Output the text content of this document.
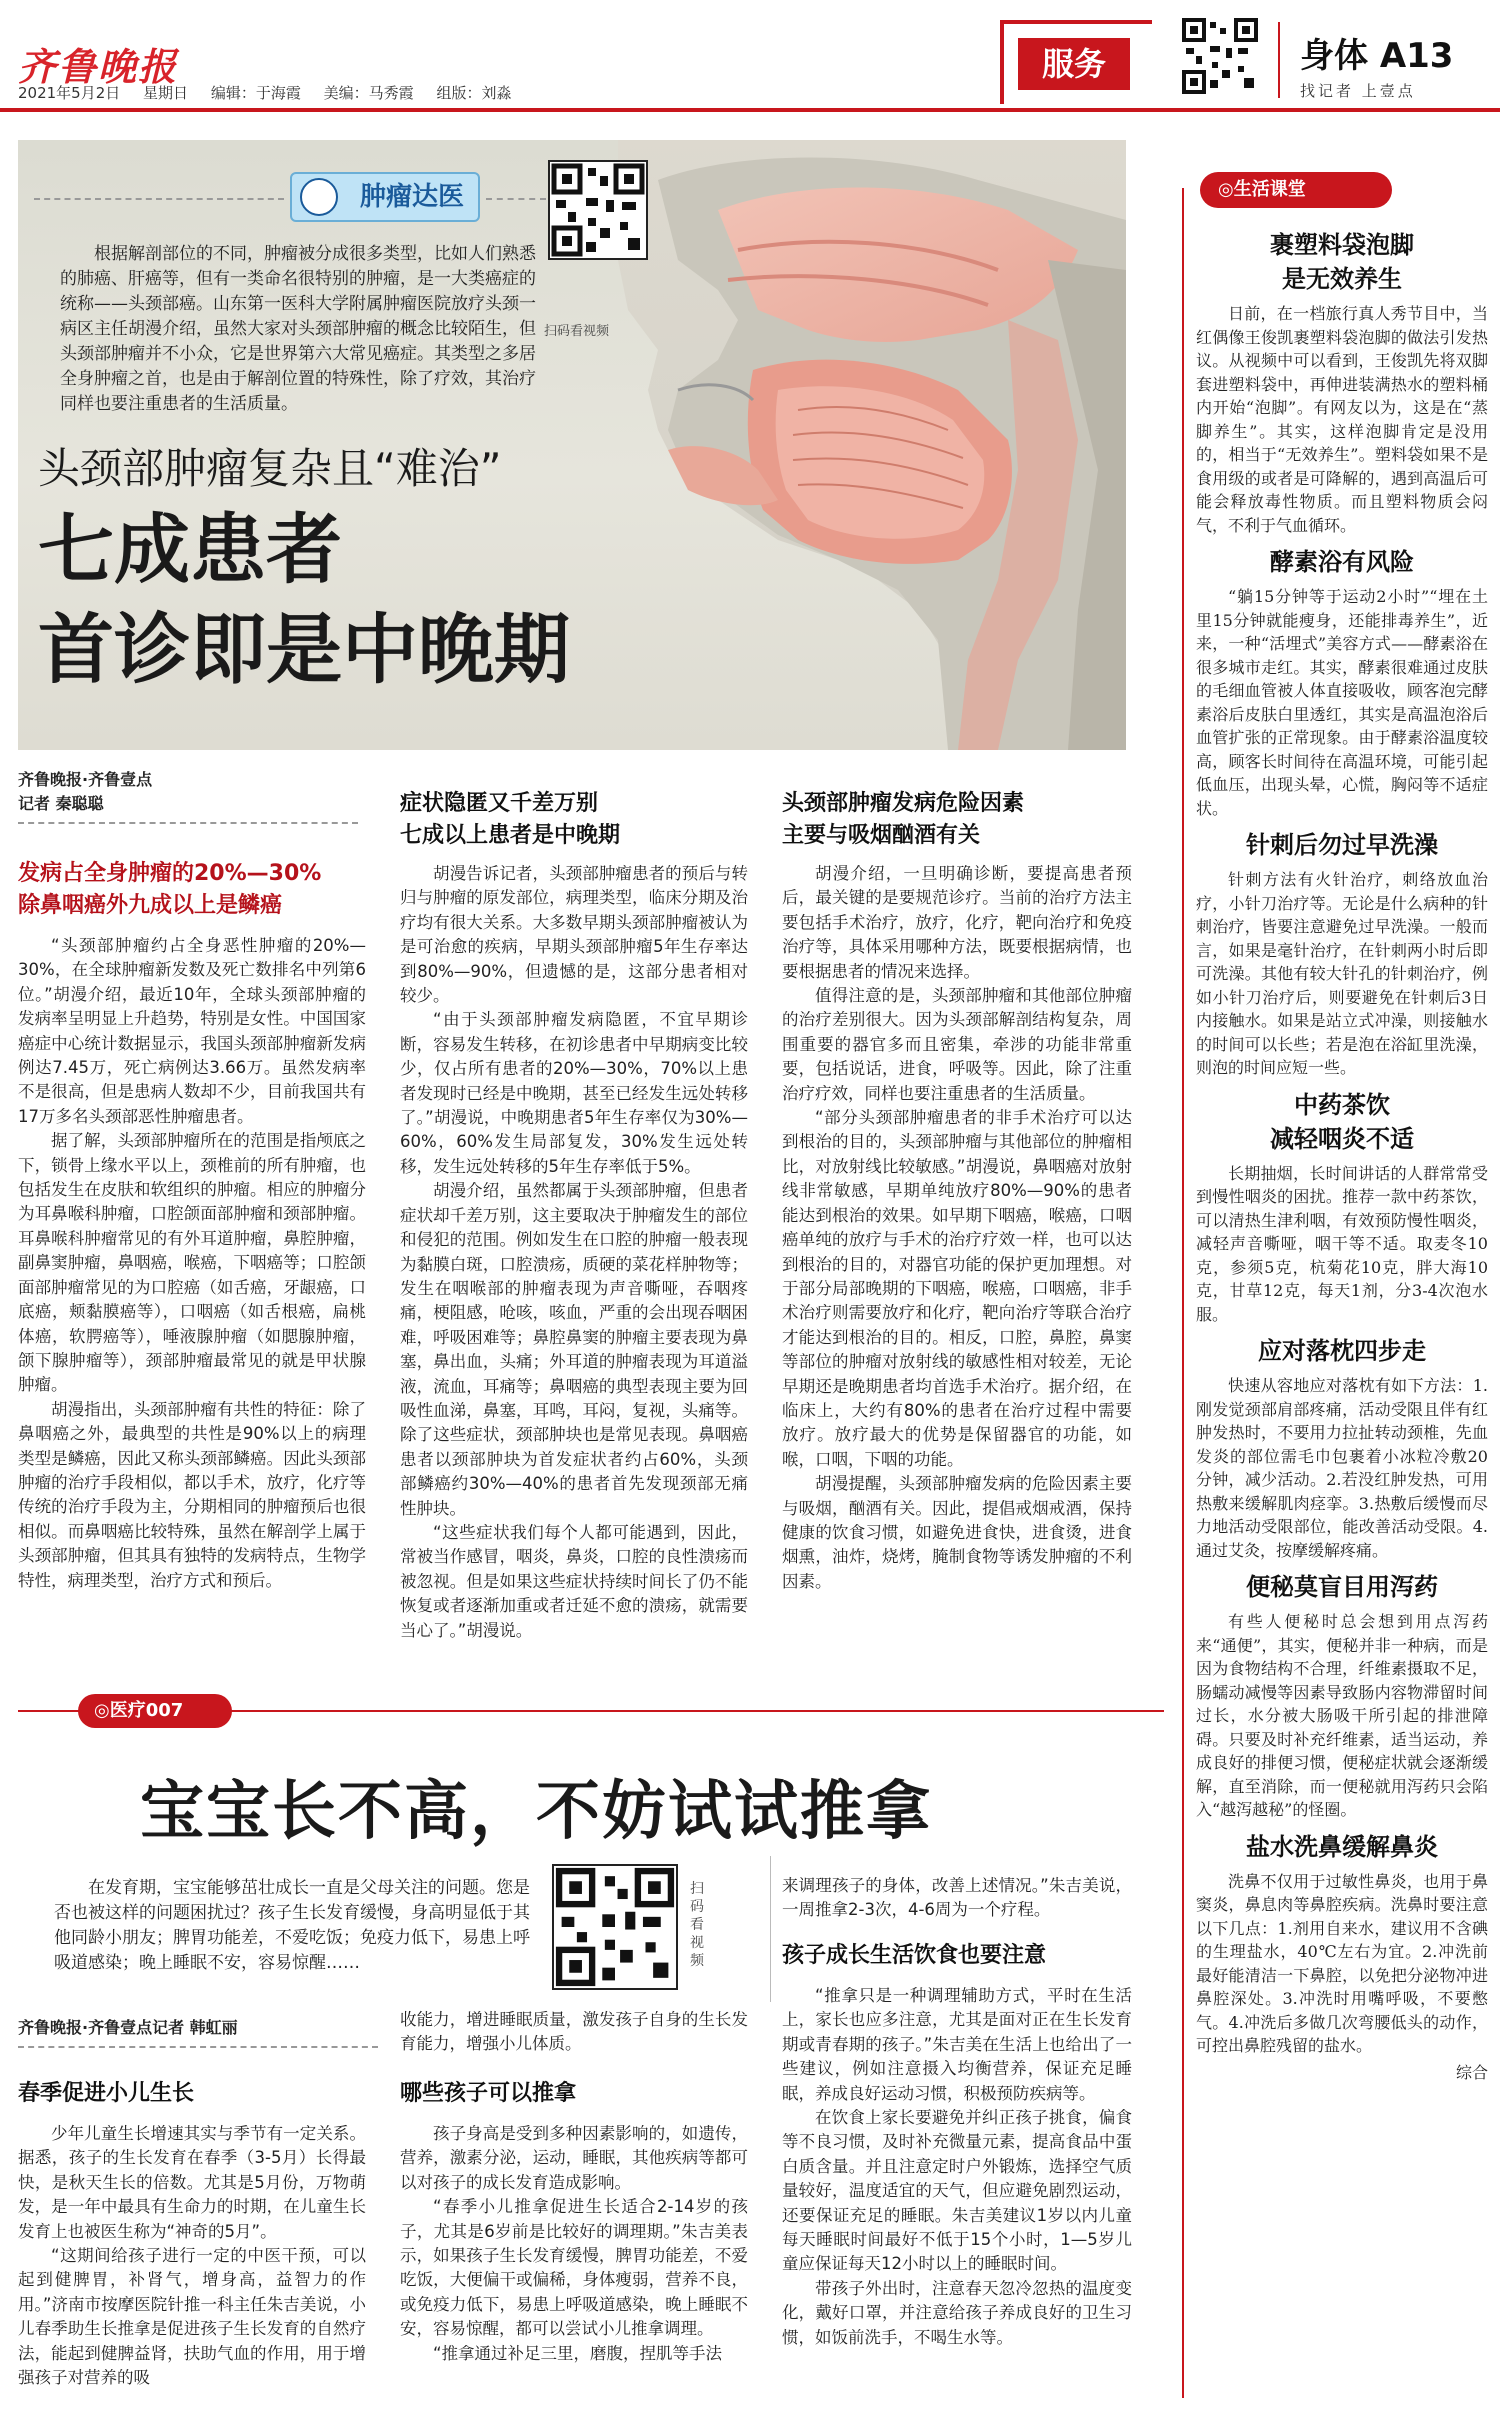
齐鲁晚报
2021年5月2日 星期日 编辑：于海霞 美编：马秀霞 组版：刘淼
服务	身体 A13
找记者 上壹点
肿瘤达医
扫码看视频
根据解剖部位的不同，肿瘤被分成很多类型，比如人们熟悉的肺癌、肝癌等，但有一类命名很特别的肿瘤，是一大类癌症的统称——头颈部癌。山东第一医科大学附属肿瘤医院放疗头颈一病区主任胡漫介绍，虽然大家对头颈部肿瘤的概念比较陌生，但头颈部肿瘤并不小众，它是世界第六大常见癌症。其类型之多居全身肿瘤之首，也是由于解剖位置的特殊性，除了疗效，其治疗同样也要注重患者的生活质量。
头颈部肿瘤复杂且“难治”
七成患者
首诊即是中晚期
齐鲁晚报·齐鲁壹点
记者 秦聪聪
发病占全身肿瘤的20%—30%
除鼻咽癌外九成以上是鳞癌

“头颈部肿瘤约占全身恶性肿瘤的20%—30%，在全球肿瘤新发数及死亡数排名中列第6位。”胡漫介绍，最近10年，全球头颈部肿瘤的发病率呈明显上升趋势，特别是女性。中国国家癌症中心统计数据显示，我国头颈部肿瘤新发病例达7.45万，死亡病例达3.66万。虽然发病率不是很高，但是患病人数却不少，目前我国共有17万多名头颈部恶性肿瘤患者。

据了解，头颈部肿瘤所在的范围是指颅底之下，锁骨上缘水平以上，颈椎前的所有肿瘤，也包括发生在皮肤和软组织的肿瘤。相应的肿瘤分为耳鼻喉科肿瘤，口腔颌面部肿瘤和颈部肿瘤。耳鼻喉科肿瘤常见的有外耳道肿瘤，鼻腔肿瘤，副鼻窦肿瘤，鼻咽癌，喉癌，下咽癌等；口腔颌面部肿瘤常见的为口腔癌（如舌癌，牙龈癌，口底癌，颊黏膜癌等），口咽癌（如舌根癌，扁桃体癌，软腭癌等），唾液腺肿瘤（如腮腺肿瘤，颌下腺肿瘤等），颈部肿瘤最常见的就是甲状腺肿瘤。

胡漫指出，头颈部肿瘤有共性的特征：除了鼻咽癌之外，最典型的共性是90%以上的病理类型是鳞癌，因此又称头颈部鳞癌。因此头颈部肿瘤的治疗手段相似，都以手术，放疗，化疗等传统的治疗手段为主，分期相同的肿瘤预后也很相似。而鼻咽癌比较特殊，虽然在解剖学上属于头颈部肿瘤，但其具有独特的发病特点，生物学特性，病理类型，治疗方式和预后。

症状隐匿又千差万别
七成以上患者是中晚期

胡漫告诉记者，头颈部肿瘤患者的预后与转归与肿瘤的原发部位，病理类型，临床分期及治疗均有很大关系。大多数早期头颈部肿瘤被认为是可治愈的疾病，早期头颈部肿瘤5年生存率达到80%—90%，但遗憾的是，这部分患者相对较少。

“由于头颈部肿瘤发病隐匿，不宜早期诊断，容易发生转移，在初诊患者中早期病变比较少，仅占所有患者的20%—30%，70%以上患者发现时已经是中晚期，甚至已经发生远处转移了。”胡漫说，中晚期患者5年生存率仅为30%—60%，60%发生局部复发，30%发生远处转移，发生远处转移的5年生存率低于5%。

胡漫介绍，虽然都属于头颈部肿瘤，但患者症状却千差万别，这主要取决于肿瘤发生的部位和侵犯的范围。例如发生在口腔的肿瘤一般表现为黏膜白斑，口腔溃疡，质硬的菜花样肿物等；发生在咽喉部的肿瘤表现为声音嘶哑，吞咽疼痛，梗阻感，呛咳，咳血，严重的会出现吞咽困难，呼吸困难等；鼻腔鼻窦的肿瘤主要表现为鼻塞，鼻出血，头痛；外耳道的肿瘤表现为耳道溢液，流血，耳痛等；鼻咽癌的典型表现主要为回吸性血涕，鼻塞，耳鸣，耳闷，复视，头痛等。除了这些症状，颈部肿块也是常见表现。鼻咽癌患者以颈部肿块为首发症状者约占60%，头颈部鳞癌约30%—40%的患者首先发现颈部无痛性肿块。

“这些症状我们每个人都可能遇到，因此，常被当作感冒，咽炎，鼻炎，口腔的良性溃疡而被忽视。但是如果这些症状持续时间长了仍不能恢复或者逐渐加重或者迁延不愈的溃疡，就需要当心了。”胡漫说。

头颈部肿瘤发病危险因素
主要与吸烟酗酒有关

胡漫介绍，一旦明确诊断，要提高患者预后，最关键的是要规范诊疗。当前的治疗方法主要包括手术治疗，放疗，化疗，靶向治疗和免疫治疗等，具体采用哪种方法，既要根据病情，也要根据患者的情况来选择。

值得注意的是，头颈部肿瘤和其他部位肿瘤的治疗差别很大。因为头颈部解剖结构复杂，周围重要的器官多而且密集，牵涉的功能非常重要，包括说话，进食，呼吸等。因此，除了注重治疗疗效，同样也要注重患者的生活质量。

“部分头颈部肿瘤患者的非手术治疗可以达到根治的目的，头颈部肿瘤与其他部位的肿瘤相比，对放射线比较敏感。”胡漫说，鼻咽癌对放射线非常敏感，早期单纯放疗80%—90%的患者能达到根治的效果。如早期下咽癌，喉癌，口咽癌单纯的放疗与手术的治疗疗效一样，也可以达到根治的目的，对器官功能的保护更加理想。对于部分局部晚期的下咽癌，喉癌，口咽癌，非手术治疗则需要放疗和化疗，靶向治疗等联合治疗才能达到根治的目的。相反，口腔，鼻腔，鼻窦等部位的肿瘤对放射线的敏感性相对较差，无论早期还是晚期患者均首选手术治疗。据介绍，在临床上，大约有80%的患者在治疗过程中需要放疗。放疗最大的优势是保留器官的功能，如喉，口咽，下咽的功能。

胡漫提醒，头颈部肿瘤发病的危险因素主要与吸烟，酗酒有关。因此，提倡戒烟戒酒，保持健康的饮食习惯，如避免进食快，进食烫，进食烟熏，油炸，烧烤，腌制食物等诱发肿瘤的不利因素。

◎生活课堂
裹塑料袋泡脚
是无效养生
日前，在一档旅行真人秀节目中，当红偶像王俊凯裹塑料袋泡脚的做法引发热议。从视频中可以看到，王俊凯先将双脚套进塑料袋中，再伸进装满热水的塑料桶内开始“泡脚”。有网友以为，这是在“蒸脚养生”。其实，这样泡脚肯定是没用的，相当于“无效养生”。塑料袋如果不是食用级的或者是可降解的，遇到高温后可能会释放毒性物质。而且塑料物质会闷气，不利于气血循环。
酵素浴有风险
“躺15分钟等于运动2小时”“埋在土里15分钟就能瘦身，还能排毒养生”，近来，一种“活埋式”美容方式——酵素浴在很多城市走红。其实，酵素很难通过皮肤的毛细血管被人体直接吸收，顾客泡完酵素浴后皮肤白里透红，其实是高温泡浴后血管扩张的正常现象。由于酵素浴温度较高，顾客长时间待在高温环境，可能引起低血压，出现头晕，心慌，胸闷等不适症状。
针刺后勿过早洗澡
针刺方法有火针治疗，刺络放血治疗，小针刀治疗等。无论是什么病种的针刺治疗，皆要注意避免过早洗澡。一般而言，如果是毫针治疗，在针刺两小时后即可洗澡。其他有较大针孔的针刺治疗，例如小针刀治疗后，则要避免在针刺后3日内接触水。如果是站立式冲澡，则接触水的时间可以长些；若是泡在浴缸里洗澡，则泡的时间应短一些。
中药茶饮
减轻咽炎不适
长期抽烟，长时间讲话的人群常常受到慢性咽炎的困扰。推荐一款中药茶饮，可以清热生津利咽，有效预防慢性咽炎，减轻声音嘶哑，咽干等不适。取麦冬10克，参须5克，杭菊花10克，胖大海10克，甘草12克，每天1剂，分3-4次泡水服。
应对落枕四步走
快速从容地应对落枕有如下方法：1.刚发觉颈部肩部疼痛，活动受限且伴有红肿发热时，不要用力拉扯转动颈椎，先血发炎的部位需毛巾包裹着小冰粒冷敷20分钟，减少活动。2.若没红肿发热，可用热敷来缓解肌肉痉挛。3.热敷后缓慢而尽力地活动受限部位，能改善活动受限。4.通过艾灸，按摩缓解疼痛。
便秘莫盲目用泻药
有些人便秘时总会想到用点泻药来“通便”，其实，便秘并非一种病，而是因为食物结构不合理，纤维素摄取不足，肠蠕动减慢等因素导致肠内容物滞留时间过长，水分被大肠吸干所引起的排泄障碍。只要及时补充纤维素，适当运动，养成良好的排便习惯，便秘症状就会逐渐缓解，直至消除，而一便秘就用泻药只会陷入“越泻越秘”的怪圈。
盐水洗鼻缓解鼻炎
洗鼻不仅用于过敏性鼻炎，也用于鼻窦炎，鼻息肉等鼻腔疾病。洗鼻时要注意以下几点：1.剂用自来水，建议用不含碘的生理盐水，40℃左右为宜。2.冲洗前最好能清洁一下鼻腔，以免把分泌物冲进鼻腔深处。3.冲洗时用嘴呼吸，不要憋气。4.冲洗后多做几次弯腰低头的动作，可控出鼻腔残留的盐水。
综合
◎医疗007
宝宝长不高，不妨试试推拿
在发育期，宝宝能够茁壮成长一直是父母关注的问题。您是否也被这样的问题困扰过？孩子生长发育缓慢，身高明显低于其他同龄小朋友；脾胃功能差，不爱吃饭；免疫力低下，易患上呼吸道感染；晚上睡眠不安，容易惊醒……
扫码看视频
齐鲁晚报·齐鲁壹点记者 韩虹丽
春季促进小儿生长

少年儿童生长增速其实与季节有一定关系。据悉，孩子的生长发育在春季（3-5月）长得最快，是秋天生长的倍数。尤其是5月份，万物萌发，是一年中最具有生命力的时期，在儿童生长发育上也被医生称为“神奇的5月”。

“这期间给孩子进行一定的中医干预，可以起到健脾胃，补肾气，增身高，益智力的作用。”济南市按摩医院针推一科主任朱吉美说，小儿春季助生长推拿是促进孩子生长发育的自然疗法，能起到健脾益肾，扶助气血的作用，用于增强孩子对营养的吸

收能力，增进睡眠质量，激发孩子自身的生长发育能力，增强小儿体质。
哪些孩子可以推拿

孩子身高是受到多种因素影响的，如遗传，营养，激素分泌，运动，睡眠，其他疾病等都可以对孩子的成长发育造成影响。

“春季小儿推拿促进生长适合2-14岁的孩子，尤其是6岁前是比较好的调理期。”朱吉美表示，如果孩子生长发育缓慢，脾胃功能差，不爱吃饭，大便偏干或偏稀，身体瘦弱，营养不良，或免疫力低下，易患上呼吸道感染，晚上睡眠不安，容易惊醒，都可以尝试小儿推拿调理。

“推拿通过补足三里，磨腹，捏肌等手法

来调理孩子的身体，改善上述情况。”朱吉美说，一周推拿2-3次，4-6周为一个疗程。
孩子成长生活饮食也要注意

“推拿只是一种调理辅助方式，平时在生活上，家长也应多注意，尤其是面对正在生长发育期或青春期的孩子。”朱吉美在生活上也给出了一些建议，例如注意摄入均衡营养，保证充足睡眠，养成良好运动习惯，积极预防疾病等。

在饮食上家长要避免并纠正孩子挑食，偏食等不良习惯，及时补充微量元素，提高食品中蛋白质含量。并且注意定时户外锻炼，选择空气质量较好，温度适宜的天气，但应避免剧烈运动，还要保证充足的睡眠。朱吉美建议1岁以内儿童每天睡眠时间最好不低于15个小时，1—5岁儿童应保证每天12小时以上的睡眠时间。

带孩子外出时，注意春天忽冷忽热的温度变化，戴好口罩，并注意给孩子养成良好的卫生习惯，如饭前洗手，不喝生水等。
